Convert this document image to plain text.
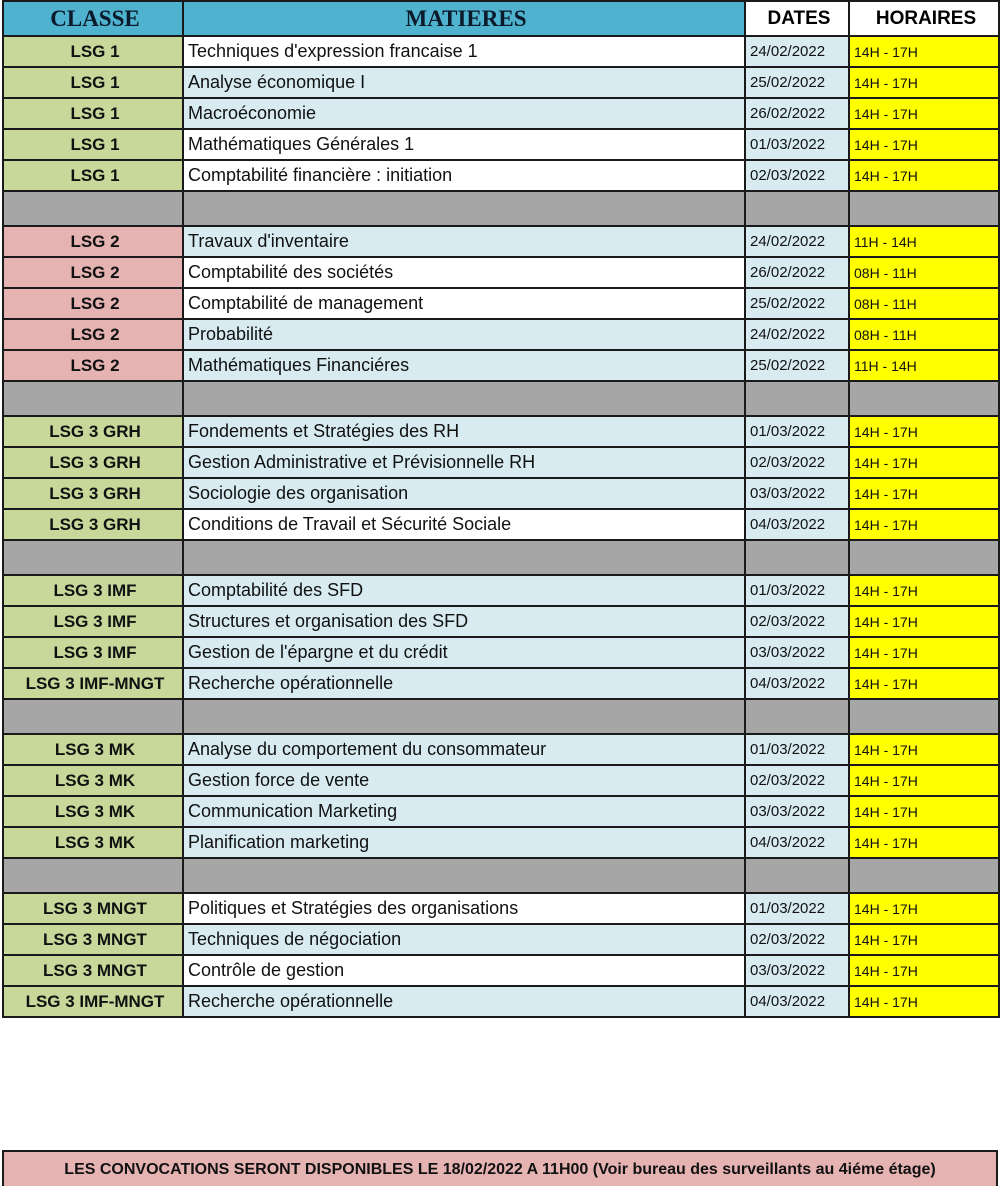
CLASSE	MATIERES	DATES	HORAIRES
LSG 1	Techniques d'expression francaise 1	24/02/2022	14H - 17H
LSG 1	Analyse économique I	25/02/2022	14H - 17H
LSG 1	Macroéconomie	26/02/2022	14H - 17H
LSG 1	Mathématiques Générales 1	01/03/2022	14H - 17H
LSG 1	Comptabilité financière : initiation	02/03/2022	14H - 17H

LSG 2	Travaux d'inventaire	24/02/2022	11H - 14H
LSG 2	Comptabilité des sociétés	26/02/2022	08H - 11H
LSG 2	Comptabilité de management	25/02/2022	08H - 11H
LSG 2	Probabilité	24/02/2022	08H - 11H
LSG 2	Mathématiques Financiéres	25/02/2022	11H - 14H

LSG 3 GRH	Fondements et Stratégies des RH	01/03/2022	14H - 17H
LSG 3 GRH	Gestion Administrative et Prévisionnelle RH	02/03/2022	14H - 17H
LSG 3 GRH	Sociologie des organisation	03/03/2022	14H - 17H
LSG 3 GRH	Conditions de Travail et Sécurité Sociale	04/03/2022	14H - 17H

LSG 3 IMF	Comptabilité des SFD	01/03/2022	14H - 17H
LSG 3 IMF	Structures et organisation des SFD	02/03/2022	14H - 17H
LSG 3 IMF	Gestion de l'épargne et du crédit	03/03/2022	14H - 17H
LSG 3 IMF-MNGT	Recherche opérationnelle	04/03/2022	14H - 17H

LSG 3 MK	Analyse du comportement du consommateur	01/03/2022	14H - 17H
LSG 3 MK	Gestion force de vente	02/03/2022	14H - 17H
LSG 3 MK	Communication Marketing	03/03/2022	14H - 17H
LSG 3 MK	Planification marketing	04/03/2022	14H - 17H

LSG 3 MNGT	Politiques et Stratégies des organisations	01/03/2022	14H - 17H
LSG 3 MNGT	Techniques de négociation	02/03/2022	14H - 17H
LSG 3 MNGT	Contrôle de gestion	03/03/2022	14H - 17H
LSG 3 IMF-MNGT	Recherche opérationnelle	04/03/2022	14H - 17H
LES CONVOCATIONS SERONT DISPONIBLES LE 18/02/2022 A 11H00 (Voir bureau des surveillants au 4iéme étage)
